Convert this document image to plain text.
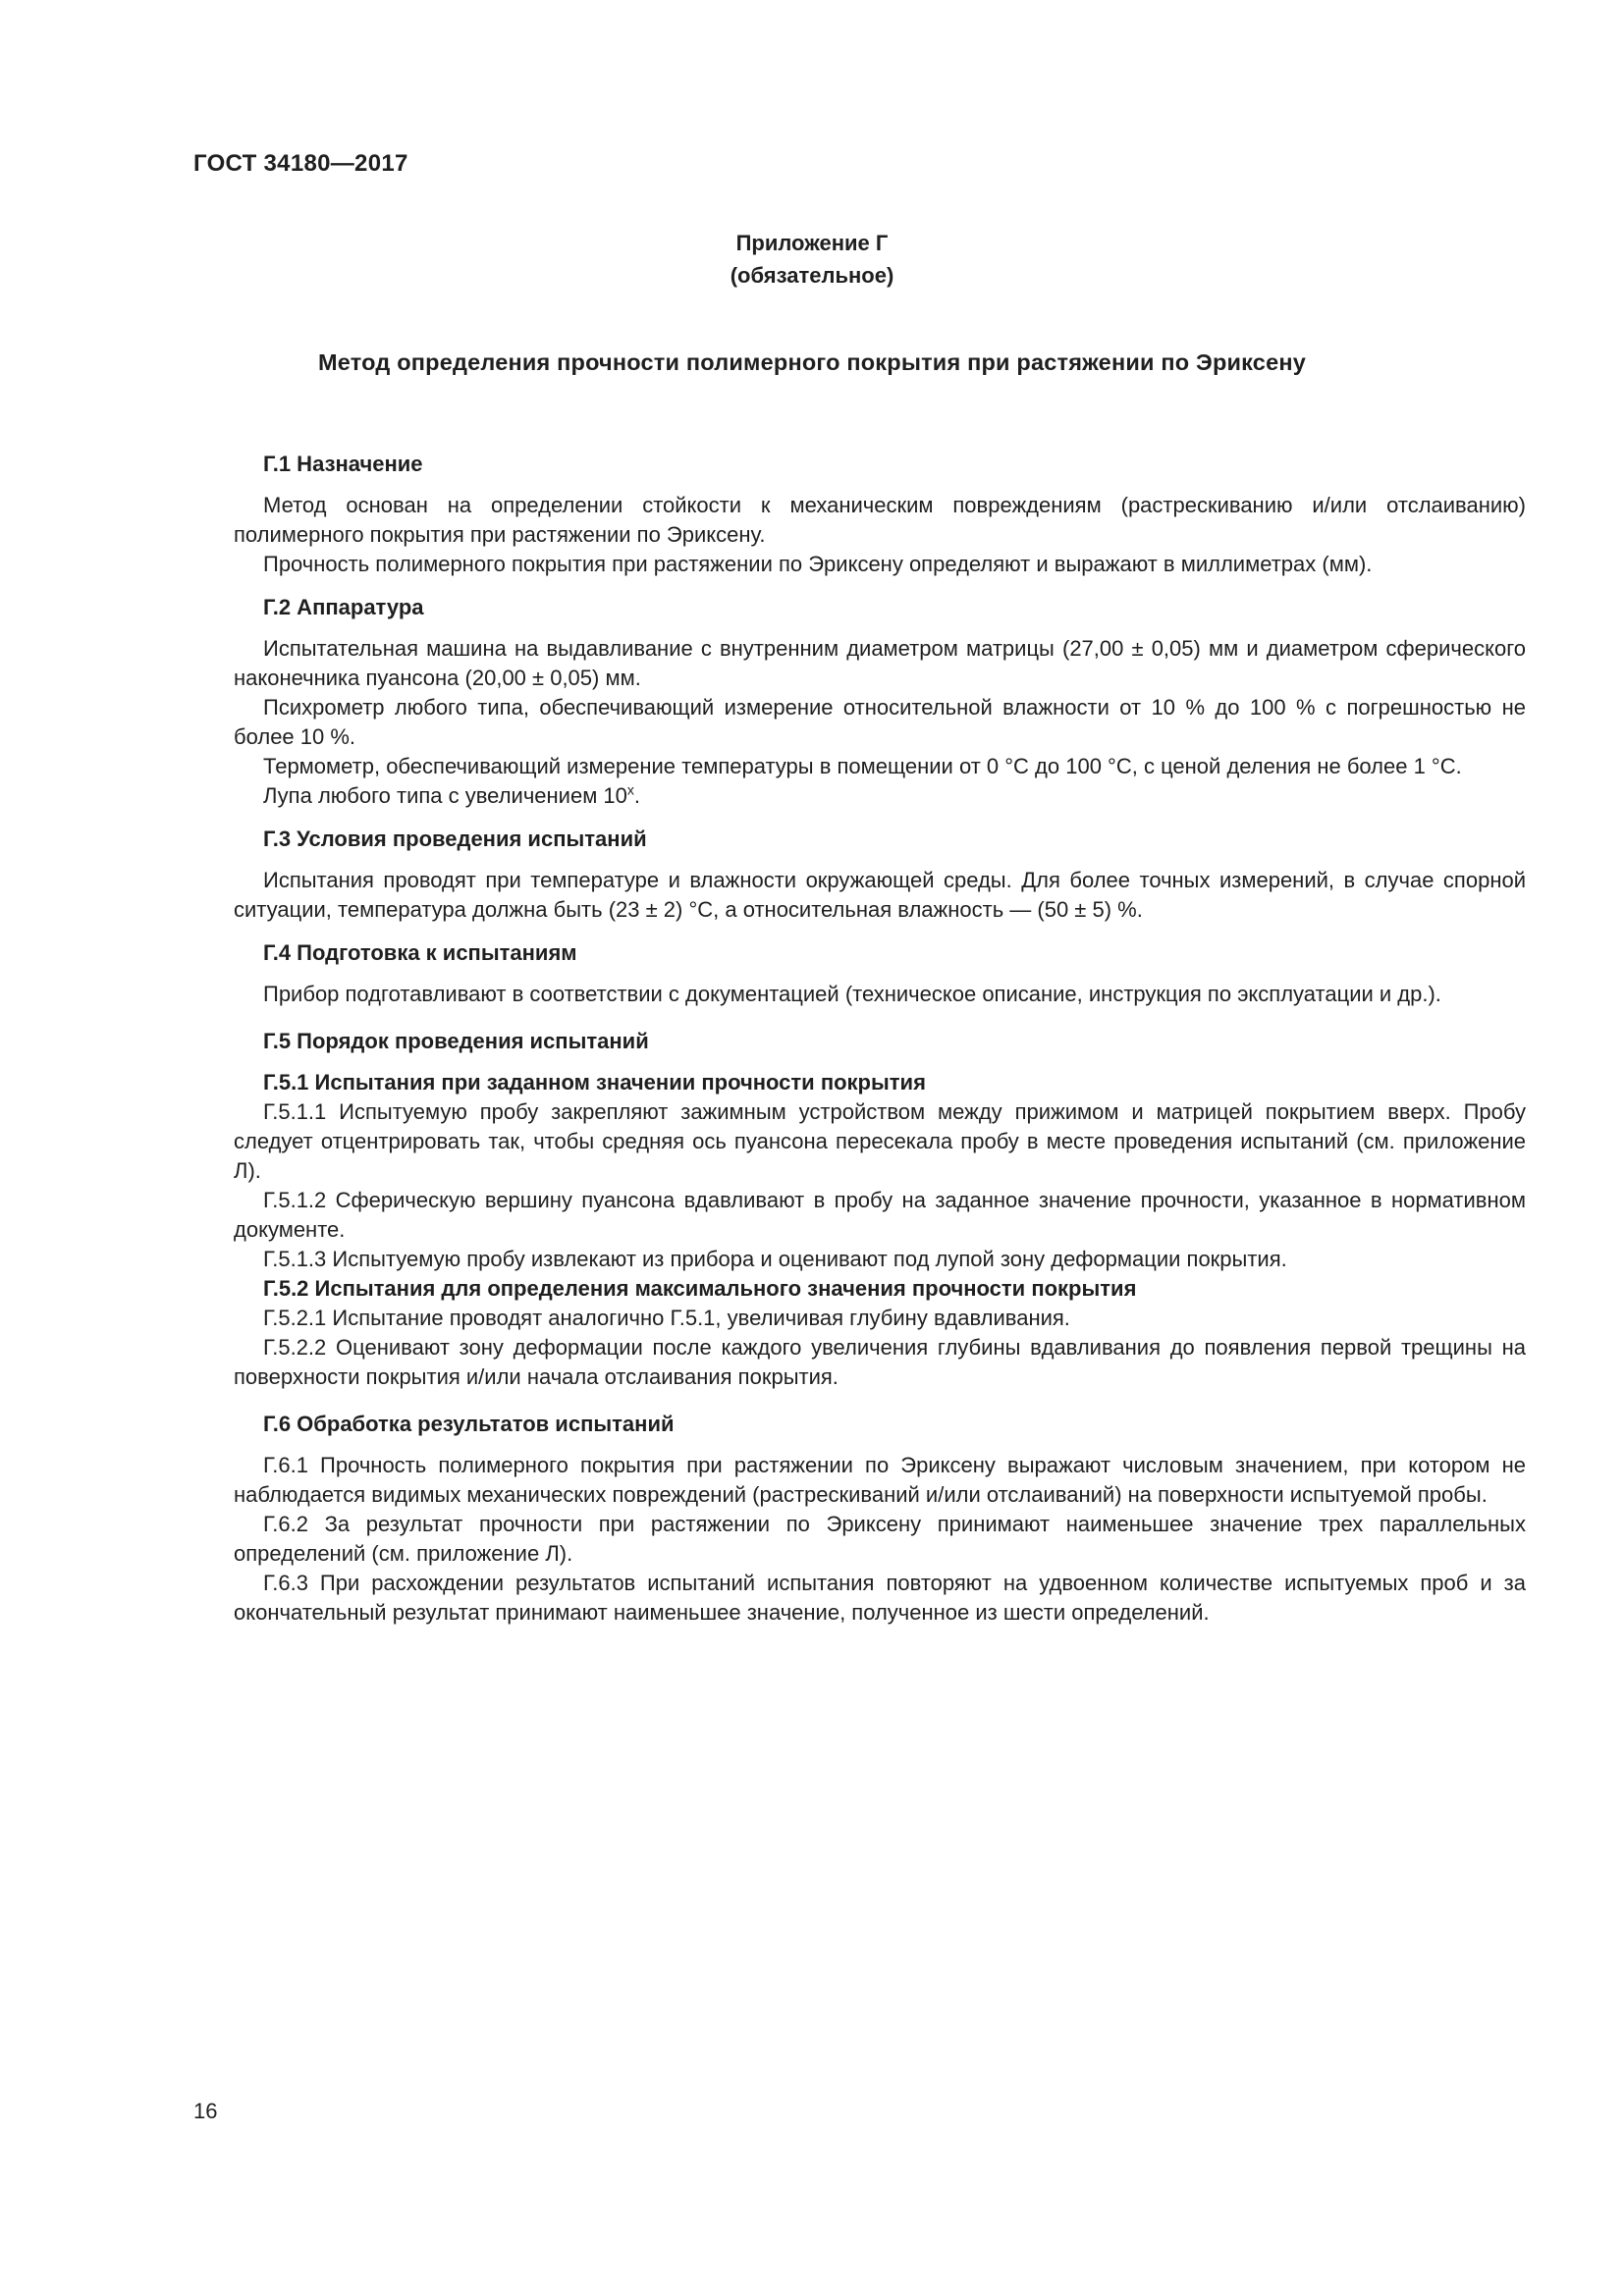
ГОСТ 34180—2017
Приложение Г
(обязательное)
Метод определения прочности полимерного покрытия при растяжении по Эриксену

Г.1 Назначение

Метод основан на определении стойкости к механическим повреждениям (растрескиванию и/или отслаиванию) полимерного покрытия при растяжении по Эриксену.

Прочность полимерного покрытия при растяжении по Эриксену определяют и выражают в миллиметрах (мм).

Г.2 Аппаратура

Испытательная машина на выдавливание с внутренним диаметром матрицы (27,00 ± 0,05) мм и диаметром сферического наконечника пуансона (20,00 ± 0,05) мм.

Психрометр любого типа, обеспечивающий измерение относительной влажности от 10 % до 100 % с погрешностью не более 10 %.

Термометр, обеспечивающий измерение температуры в помещении от 0 °С до 100 °С, с ценой деления не более 1 °С.

Лупа любого типа с увеличением $10^х$.

Г.3 Условия проведения испытаний

Испытания проводят при температуре и влажности окружающей среды. Для более точных измерений, в случае спорной ситуации, температура должна быть (23 ± 2) °С, а относительная влажность — (50 ± 5) %.

Г.4 Подготовка к испытаниям

Прибор подготавливают в соответствии с документацией (техническое описание, инструкция по эксплуатации и др.).

Г.5 Порядок проведения испытаний

Г.5.1 Испытания при заданном значении прочности покрытия

Г.5.1.1 Испытуемую пробу закрепляют зажимным устройством между прижимом и матрицей покрытием вверх. Пробу следует отцентрировать так, чтобы средняя ось пуансона пересекала пробу в месте проведения испытаний (см. приложение Л).

Г.5.1.2 Сферическую вершину пуансона вдавливают в пробу на заданное значение прочности, указанное в нормативном документе.

Г.5.1.3 Испытуемую пробу извлекают из прибора и оценивают под лупой зону деформации покрытия.

Г.5.2 Испытания для определения максимального значения прочности покрытия

Г.5.2.1 Испытание проводят аналогично Г.5.1, увеличивая глубину вдавливания.

Г.5.2.2 Оценивают зону деформации после каждого увеличения глубины вдавливания до появления первой трещины на поверхности покрытия и/или начала отслаивания покрытия.

Г.6 Обработка результатов испытаний

Г.6.1 Прочность полимерного покрытия при растяжении по Эриксену выражают числовым значением, при котором не наблюдается видимых механических повреждений (растрескиваний и/или отслаиваний) на поверхности испытуемой пробы.

Г.6.2 За результат прочности при растяжении по Эриксену принимают наименьшее значение трех параллельных определений (см. приложение Л).

Г.6.3 При расхождении результатов испытаний испытания повторяют на удвоенном количестве испытуемых проб и за окончательный результат принимают наименьшее значение, полученное из шести определений.

16
